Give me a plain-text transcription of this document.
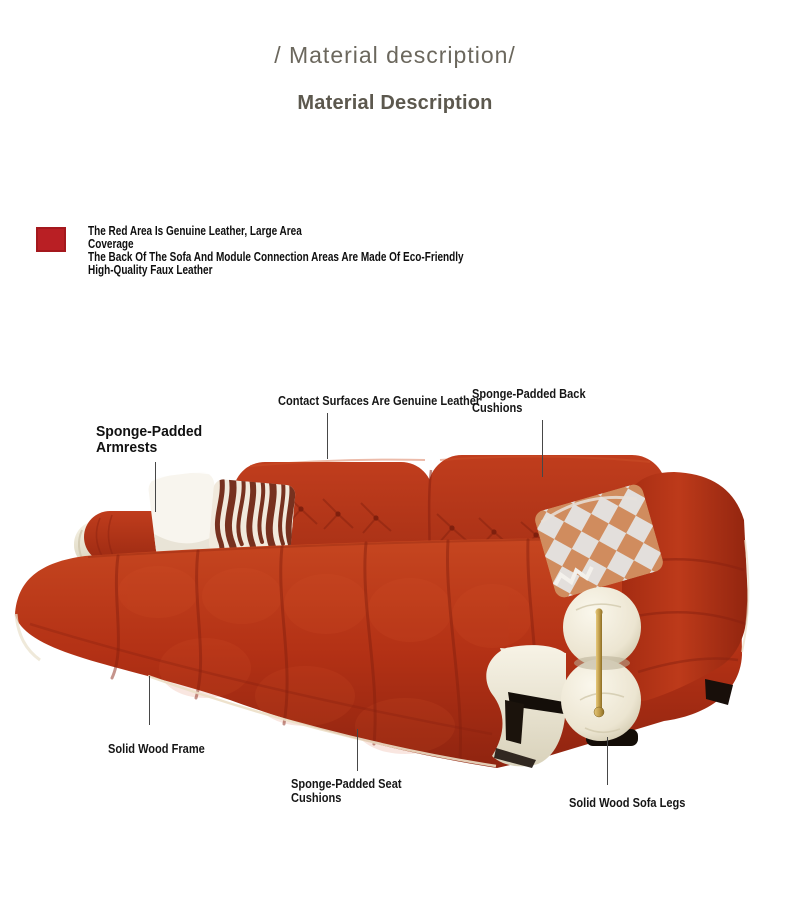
/ Material description/
Material Description
The Red Area Is Genuine Leather, Large Area
Coverage
The Back Of The Sofa And Module Connection Areas Are Made Of Eco-Friendly
High-Quality Faux Leather
Sponge-Padded
Armrests
Contact Surfaces Are Genuine Leather
Sponge-Padded Back
Cushions
Solid Wood Frame
Sponge-Padded Seat
Cushions	Solid Wood Sofa Legs
